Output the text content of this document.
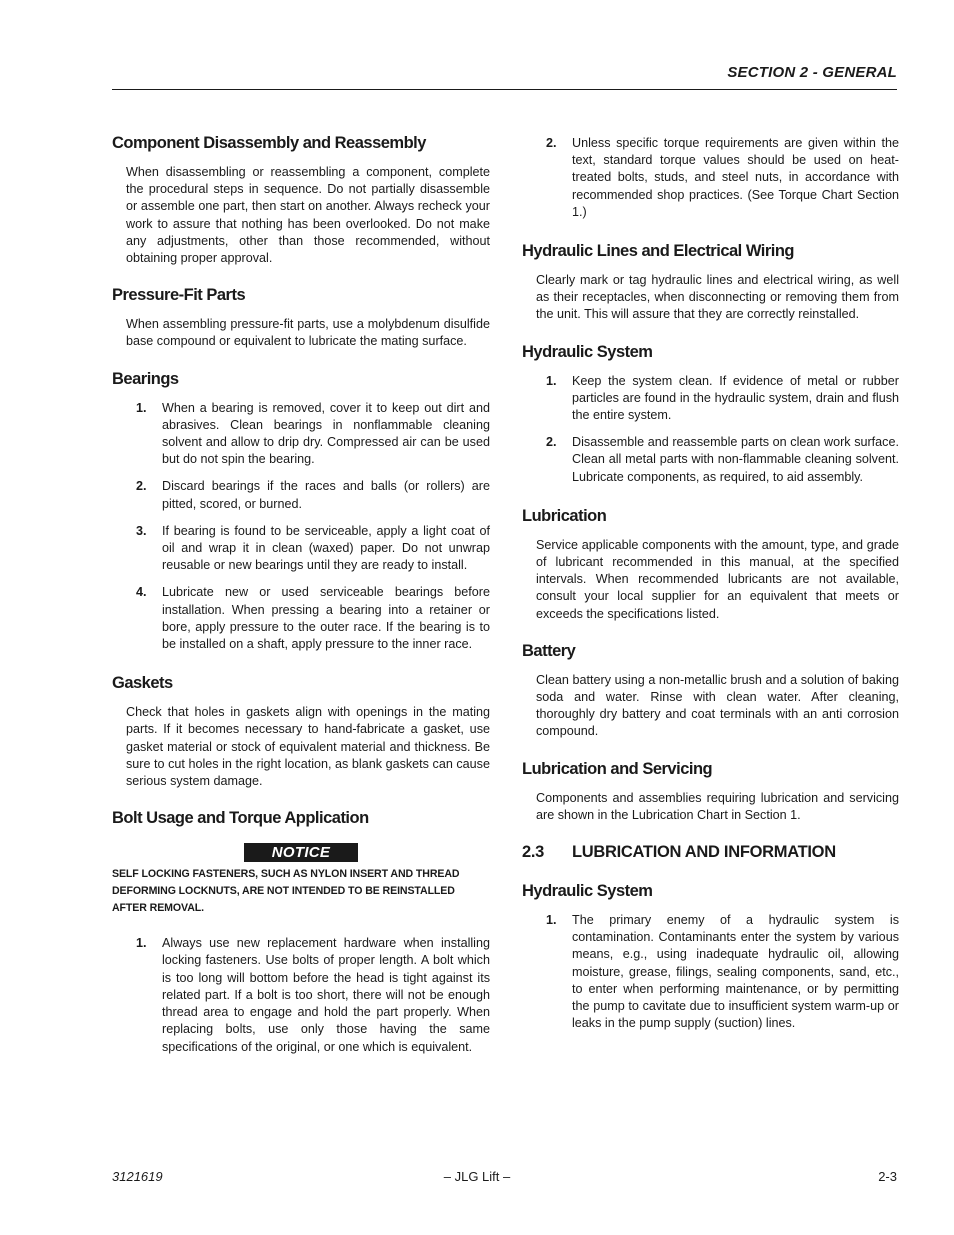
SECTION 2 - GENERAL
Component Disassembly and Reassembly

When disassembling or reassembling a component, complete the procedural steps in sequence. Do not partially disassemble or assemble one part, then start on another. Always recheck your work to assure that nothing has been overlooked. Do not make any adjustments, other than those recommended, without obtaining proper approval.

Pressure-Fit Parts

When assembling pressure-fit parts, use a molybdenum disulfide base compound or equivalent to lubricate the mating surface.

Bearings
1. When a bearing is removed, cover it to keep out dirt and abrasives. Clean bearings in nonflammable cleaning solvent and allow to drip dry. Compressed air can be used but do not spin the bearing.
2. Discard bearings if the races and balls (or rollers) are pitted, scored, or burned.
3. If bearing is found to be serviceable, apply a light coat of oil and wrap it in clean (waxed) paper. Do not unwrap reusable or new bearings until they are ready to install.
4. Lubricate new or used serviceable bearings before installation. When pressing a bearing into a retainer or bore, apply pressure to the outer race. If the bearing is to be installed on a shaft, apply pressure to the inner race.
Gaskets

Check that holes in gaskets align with openings in the mating parts. If it becomes necessary to hand-fabricate a gasket, use gasket material or stock of equivalent material and thickness. Be sure to cut holes in the right location, as blank gaskets can cause serious system damage.

Bolt Usage and Torque Application
NOTICE
SELF LOCKING FASTENERS, SUCH AS NYLON INSERT AND THREAD DEFORMING LOCKNUTS, ARE NOT INTENDED TO BE REINSTALLED AFTER REMOVAL.
1. Always use new replacement hardware when installing locking fasteners. Use bolts of proper length. A bolt which is too long will bottom before the head is tight against its related part. If a bolt is too short, there will not be enough thread area to engage and hold the part properly. When replacing bolts, use only those having the same specifications of the original, or one which is equivalent.
2. Unless specific torque requirements are given within the text, standard torque values should be used on heat-treated bolts, studs, and steel nuts, in accordance with recommended shop practices. (See Torque Chart Section 1.)
Hydraulic Lines and Electrical Wiring

Clearly mark or tag hydraulic lines and electrical wiring, as well as their receptacles, when disconnecting or removing them from the unit. This will assure that they are correctly reinstalled.

Hydraulic System
1. Keep the system clean. If evidence of metal or rubber particles are found in the hydraulic system, drain and flush the entire system.
2. Disassemble and reassemble parts on clean work surface. Clean all metal parts with non-flammable cleaning solvent. Lubricate components, as required, to aid assembly.
Lubrication

Service applicable components with the amount, type, and grade of lubricant recommended in this manual, at the specified intervals. When recommended lubricants are not available, consult your local supplier for an equivalent that meets or exceeds the specifications listed.

Battery

Clean battery using a non-metallic brush and a solution of baking soda and water. Rinse with clean water. After cleaning, thoroughly dry battery and coat terminals with an anti corrosion compound.

Lubrication and Servicing

Components and assemblies requiring lubrication and servicing are shown in the Lubrication Chart in Section 1.

2.3 LUBRICATION AND INFORMATION
Hydraulic System
1. The primary enemy of a hydraulic system is contamination. Contaminants enter the system by various means, e.g., using inadequate hydraulic oil, allowing moisture, grease, filings, sealing components, sand, etc., to enter when performing maintenance, or by permitting the pump to cavitate due to insufficient system warm-up or leaks in the pump supply (suction) lines.
3121619	– JLG Lift –	2-3
